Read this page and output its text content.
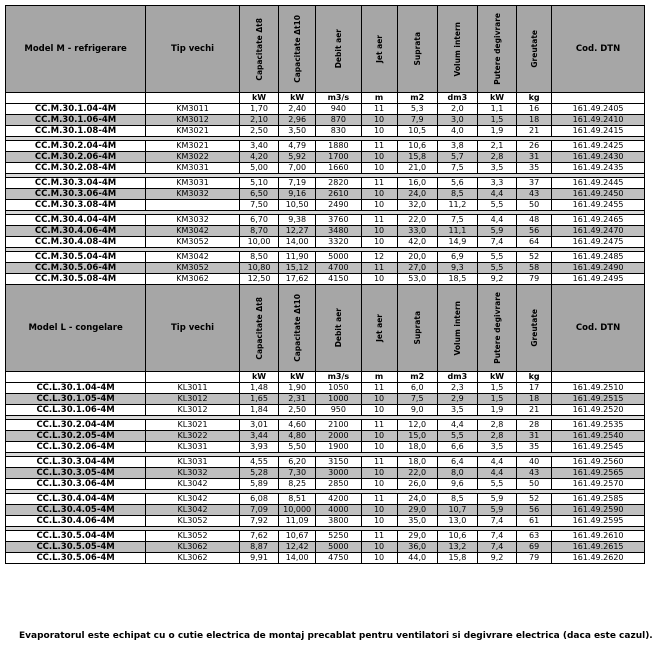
Model M - refrigerare	Tip vechi	Capacitate Δt8	Capacitate Δt10	Debit aer	Jet aer	Suprata	Volum intern	Putere degivrare	Greutate	Cod. DTN
		kW	kW	m3/s	m	m2	dm3	kW	kg	
CC.M.30.1.04-4M	KM3011	1,70	2,40	940	11	5,3	2,0	1,1	16	161.49.2405
CC.M.30.1.06-4M	KM3012	2,10	2,96	870	10	7,9	3,0	1,5	18	161.49.2410
CC.M.30.1.08-4M	KM3021	2,50	3,50	830	10	10,5	4,0	1,9	21	161.49.2415

CC.M.30.2.04-4M	KM3021	3,40	4,79	1880	11	10,6	3,8	2,1	26	161.49.2425
CC.M.30.2.06-4M	KM3022	4,20	5,92	1700	10	15,8	5,7	2,8	31	161.49.2430
CC.M.30.2.08-4M	KM3031	5,00	7,00	1660	10	21,0	7,5	3,5	35	161.49.2435

CC.M.30.3.04-4M	KM3031	5,10	7,19	2820	11	16,0	5,6	3,3	37	161.49.2445
CC.M.30.3.06-4M	KM3032	6,50	9,16	2610	10	24,0	8,5	4,4	43	161.49.2450
CC.M.30.3.08-4M		7,50	10,50	2490	10	32,0	11,2	5,5	50	161.49.2455

CC.M.30.4.04-4M	KM3032	6,70	9,38	3760	11	22,0	7,5	4,4	48	161.49.2465
CC.M.30.4.06-4M	KM3042	8,70	12,27	3480	10	33,0	11,1	5,9	56	161.49.2470
CC.M.30.4.08-4M	KM3052	10,00	14,00	3320	10	42,0	14,9	7,4	64	161.49.2475

CC.M.30.5.04-4M	KM3042	8,50	11,90	5000	12	20,0	6,9	5,5	52	161.49.2485
CC.M.30.5.06-4M	KM3052	10,80	15,12	4700	11	27,0	9,3	5,5	58	161.49.2490
CC.M.30.5.08-4M	KM3062	12,50	17,62	4150	10	53,0	18,5	9,2	79	161.49.2495
Model L - congelare	Tip vechi	Capacitate Δt8	Capacitate Δt10	Debit aer	Jet aer	Suprata	Volum intern	Putere degivrare	Greutate	Cod. DTN
		kW	kW	m3/s	m	m2	dm3	kW	kg	
CC.L.30.1.04-4M	KL3011	1,48	1,90	1050	11	6,0	2,3	1,5	17	161.49.2510
CC.L.30.1.05-4M	KL3012	1,65	2,31	1000	10	7,5	2,9	1,5	18	161.49.2515
CC.L.30.1.06-4M	KL3012	1,84	2,50	950	10	9,0	3,5	1,9	21	161.49.2520

CC.L.30.2.04-4M	KL3021	3,01	4,60	2100	11	12,0	4,4	2,8	28	161.49.2535
CC.L.30.2.05-4M	KL3022	3,44	4,80	2000	10	15,0	5,5	2,8	31	161.49.2540
CC.L.30.2.06-4M	KL3031	3,93	5,50	1900	10	18,0	6,6	3,5	35	161.49.2545

CC.L.30.3.04-4M	KL3031	4,55	6,20	3150	11	18,0	6,4	4,4	40	161.49.2560
CC.L.30.3.05-4M	KL3032	5,28	7,30	3000	10	22,0	8,0	4,4	43	161.49.2565
CC.L.30.3.06-4M	KL3042	5,89	8,25	2850	10	26,0	9,6	5,5	50	161.49.2570

CC.L.30.4.04-4M	KL3042	6,08	8,51	4200	11	24,0	8,5	5,9	52	161.49.2585
CC.L.30.4.05-4M	KL3042	7,09	10,000	4000	10	29,0	10,7	5,9	56	161.49.2590
CC.L.30.4.06-4M	KL3052	7,92	11,09	3800	10	35,0	13,0	7,4	61	161.49.2595

CC.L.30.5.04-4M	KL3052	7,62	10,67	5250	11	29,0	10,6	7,4	63	161.49.2610
CC.L.30.5.05-4M	KL3062	8,87	12,42	5000	10	36,0	13,2	7,4	69	161.49.2615
CC.L.30.5.06-4M	KL3062	9,91	14,00	4750	10	44,0	15,8	9,2	79	161.49.2620
Evaporatorul este echipat cu o cutie electrica de montaj precablat pentru ventilatori si degivrare electrica (daca este cazul).
